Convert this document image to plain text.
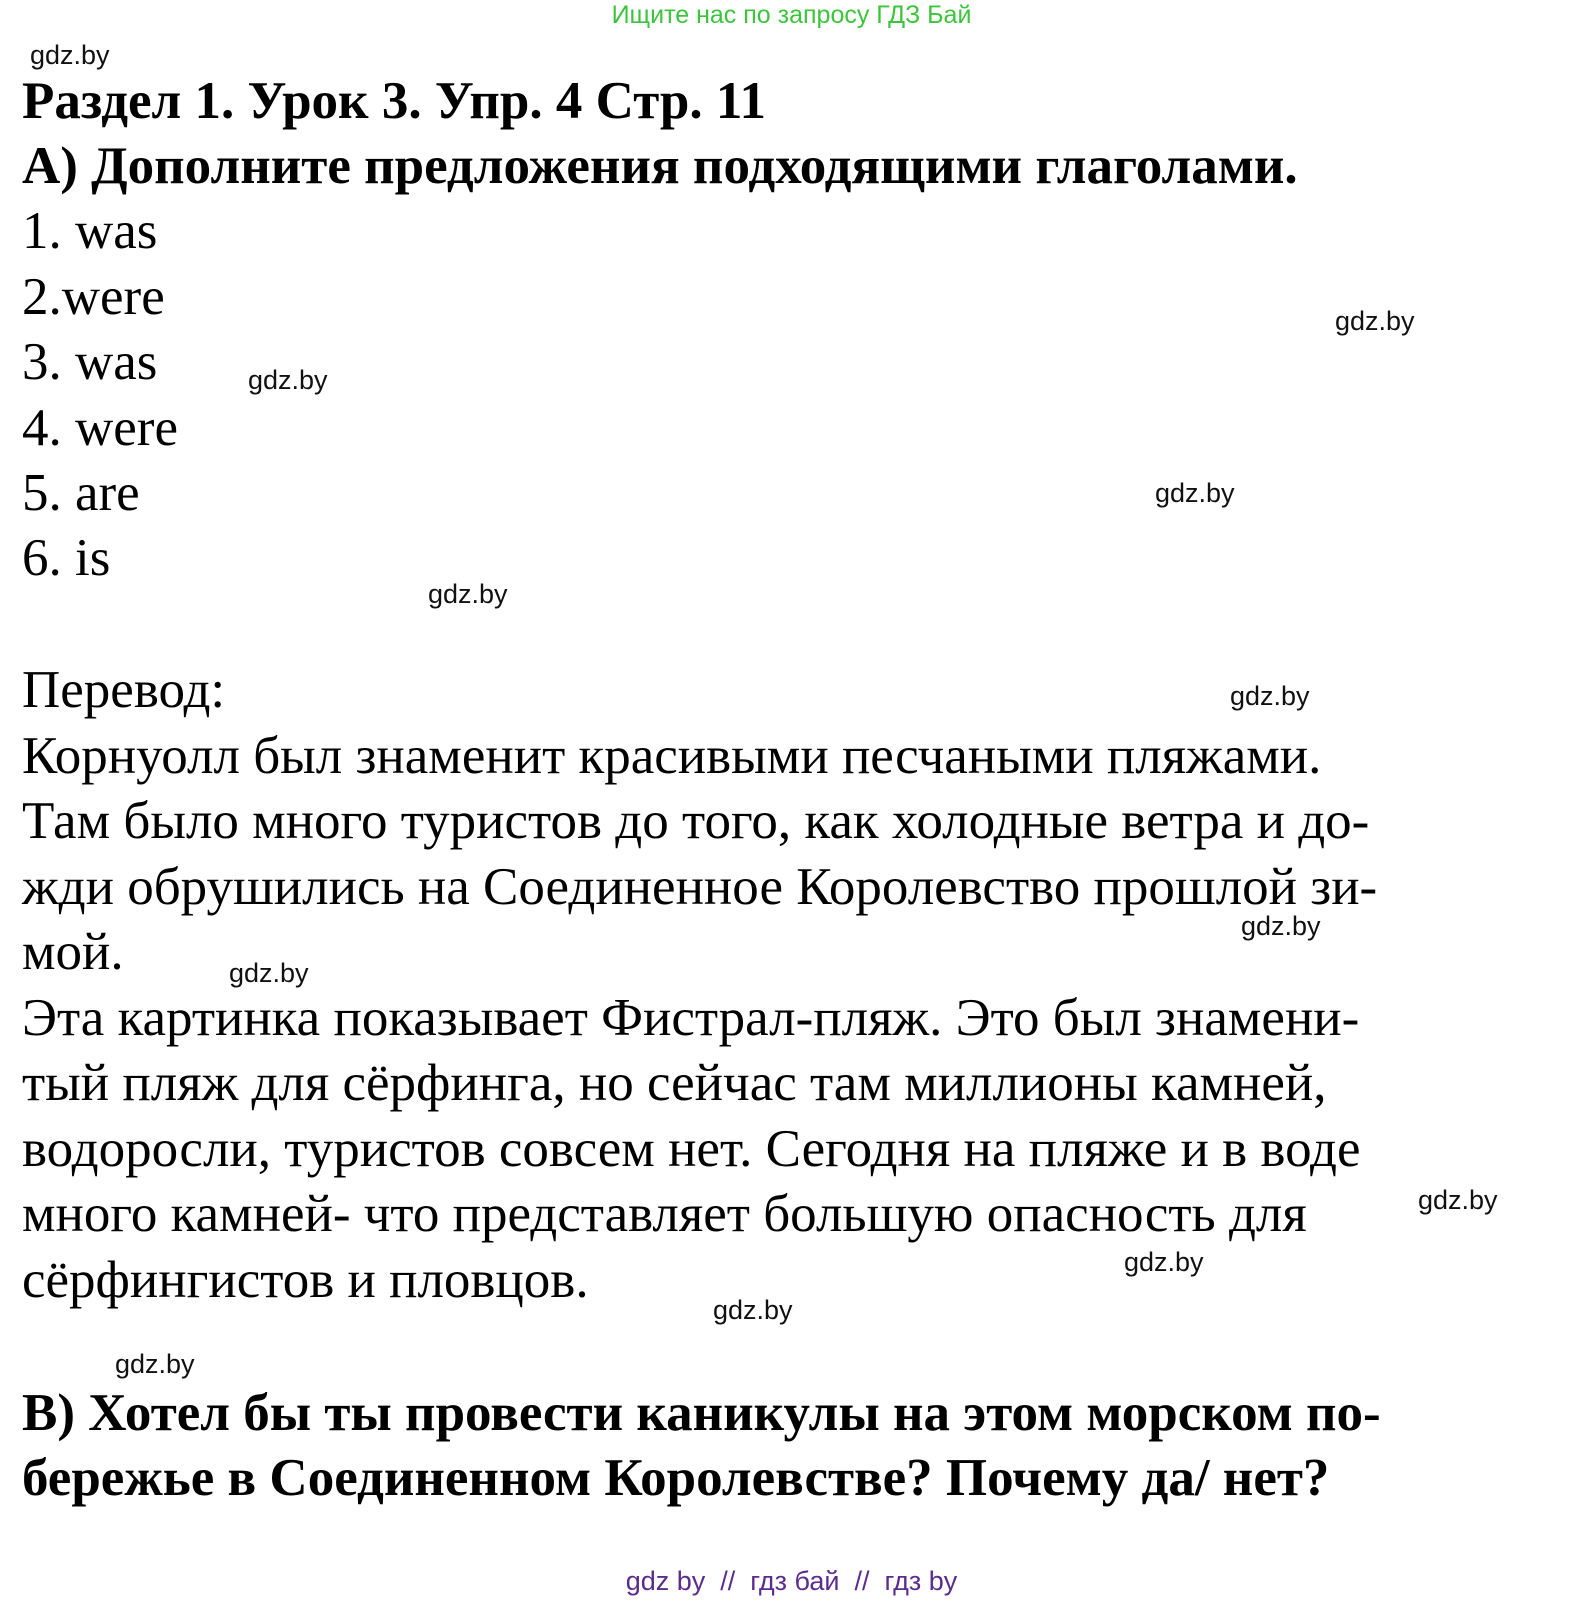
Ищите нас по запросу ГДЗ Бай
gdz.by
gdz.by
gdz.by
gdz.by
gdz.by
gdz.by
gdz.by
gdz.by
gdz.by
gdz.by
gdz.by
gdz.by
Раздел 1. Урок 3. Упр. 4 Стр. 11
А) Дополните предложения подходящими глаголами.
1. was
2.were
3. was
4. were
5. are
6. is
Перевод:
Корнуолл был знаменит красивыми песчаными пляжами.
Там было много туристов до того, как холодные ветра и до-
жди обрушились на Соединенное Королевство прошлой зи-
мой.
Эта картинка показывает Фистрал-пляж. Это был знамени-
тый пляж для сёрфинга, но сейчас там миллионы камней,
водоросли, туристов совсем нет. Сегодня на пляже и в воде
много камней- что представляет большую опасность для
сёрфингистов и пловцов.
B) Хотел бы ты провести каникулы на этом морском по-
бережье в Соединенном Королевстве? Почему да/ нет?
gdz by  //  гдз бай  //  гдз by
